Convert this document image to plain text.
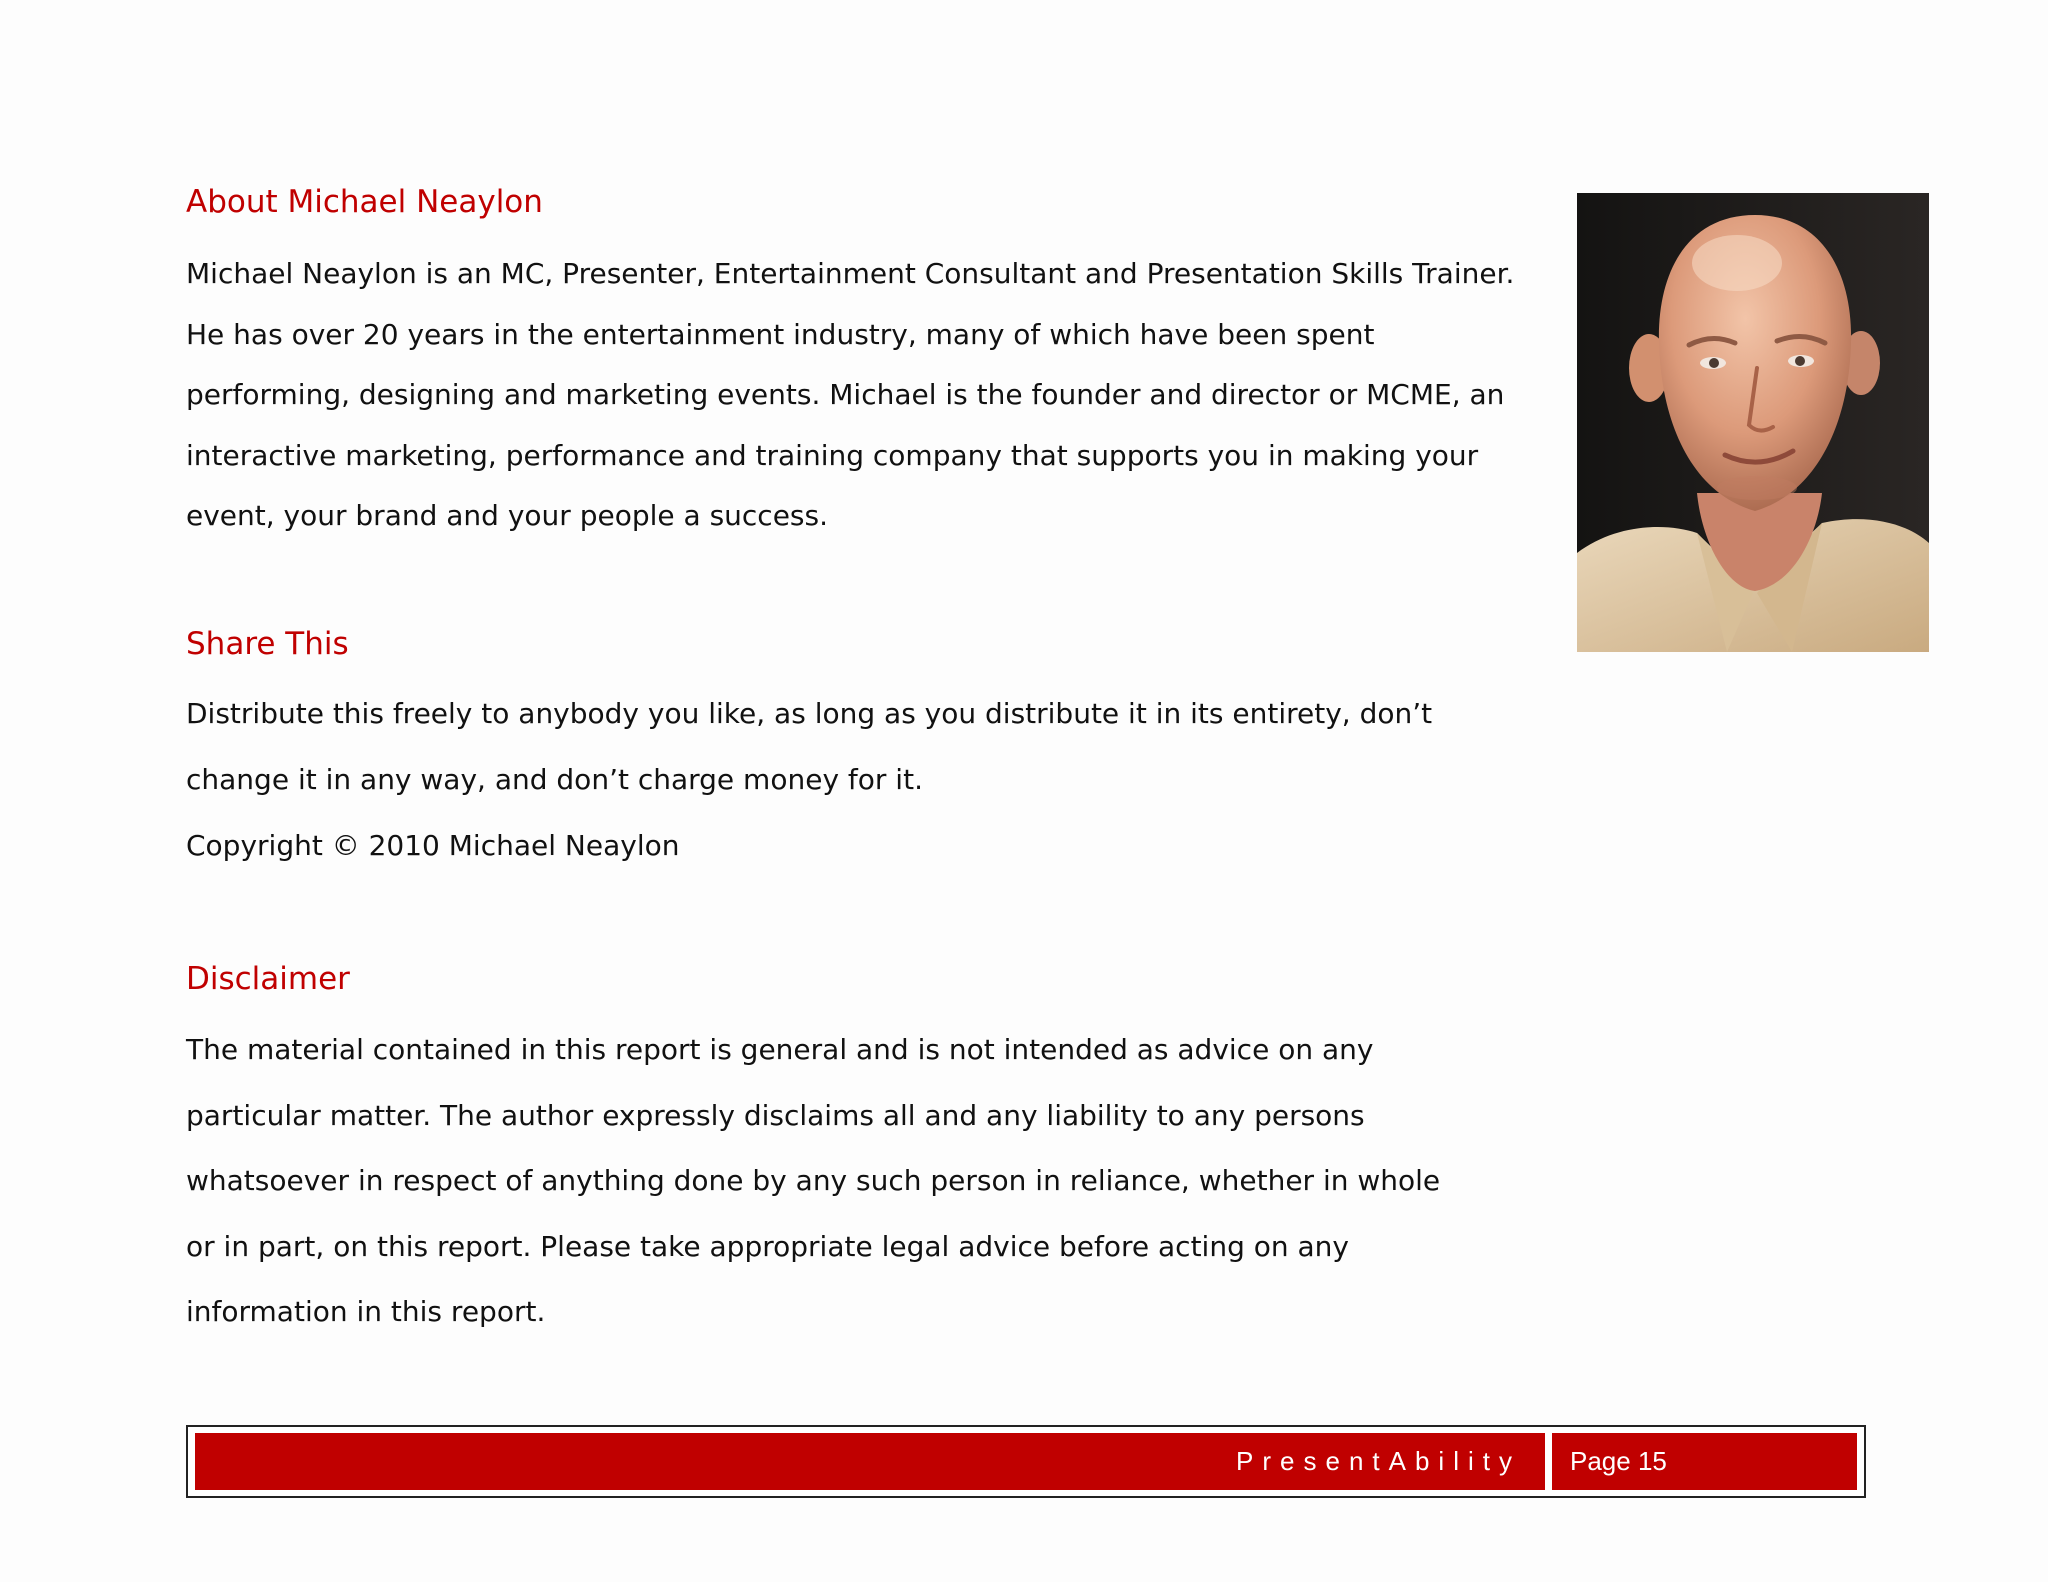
About Michael Neaylon

Michael Neaylon is an MC, Presenter, Entertainment Consultant and Presentation Skills Trainer.
He has over 20 years in the entertainment industry, many of which have been spent
performing, designing and marketing events. Michael is the founder and director or MCME, an
interactive marketing, performance and training company that supports you in making your
event, your brand and your people a success.

Share This

Distribute this freely to anybody you like, as long as you distribute it in its entirety, don’t
change it in any way, and don’t charge money for it.

Copyright © 2010 Michael Neaylon

Disclaimer

The material contained in this report is general and is not intended as advice on any
particular matter. The author expressly disclaims all and any liability to any persons
whatsoever in respect of anything done by any such person in reliance, whether in whole
or in part, on this report. Please take appropriate legal advice before acting on any
information in this report.

PresentAbility Page 15
